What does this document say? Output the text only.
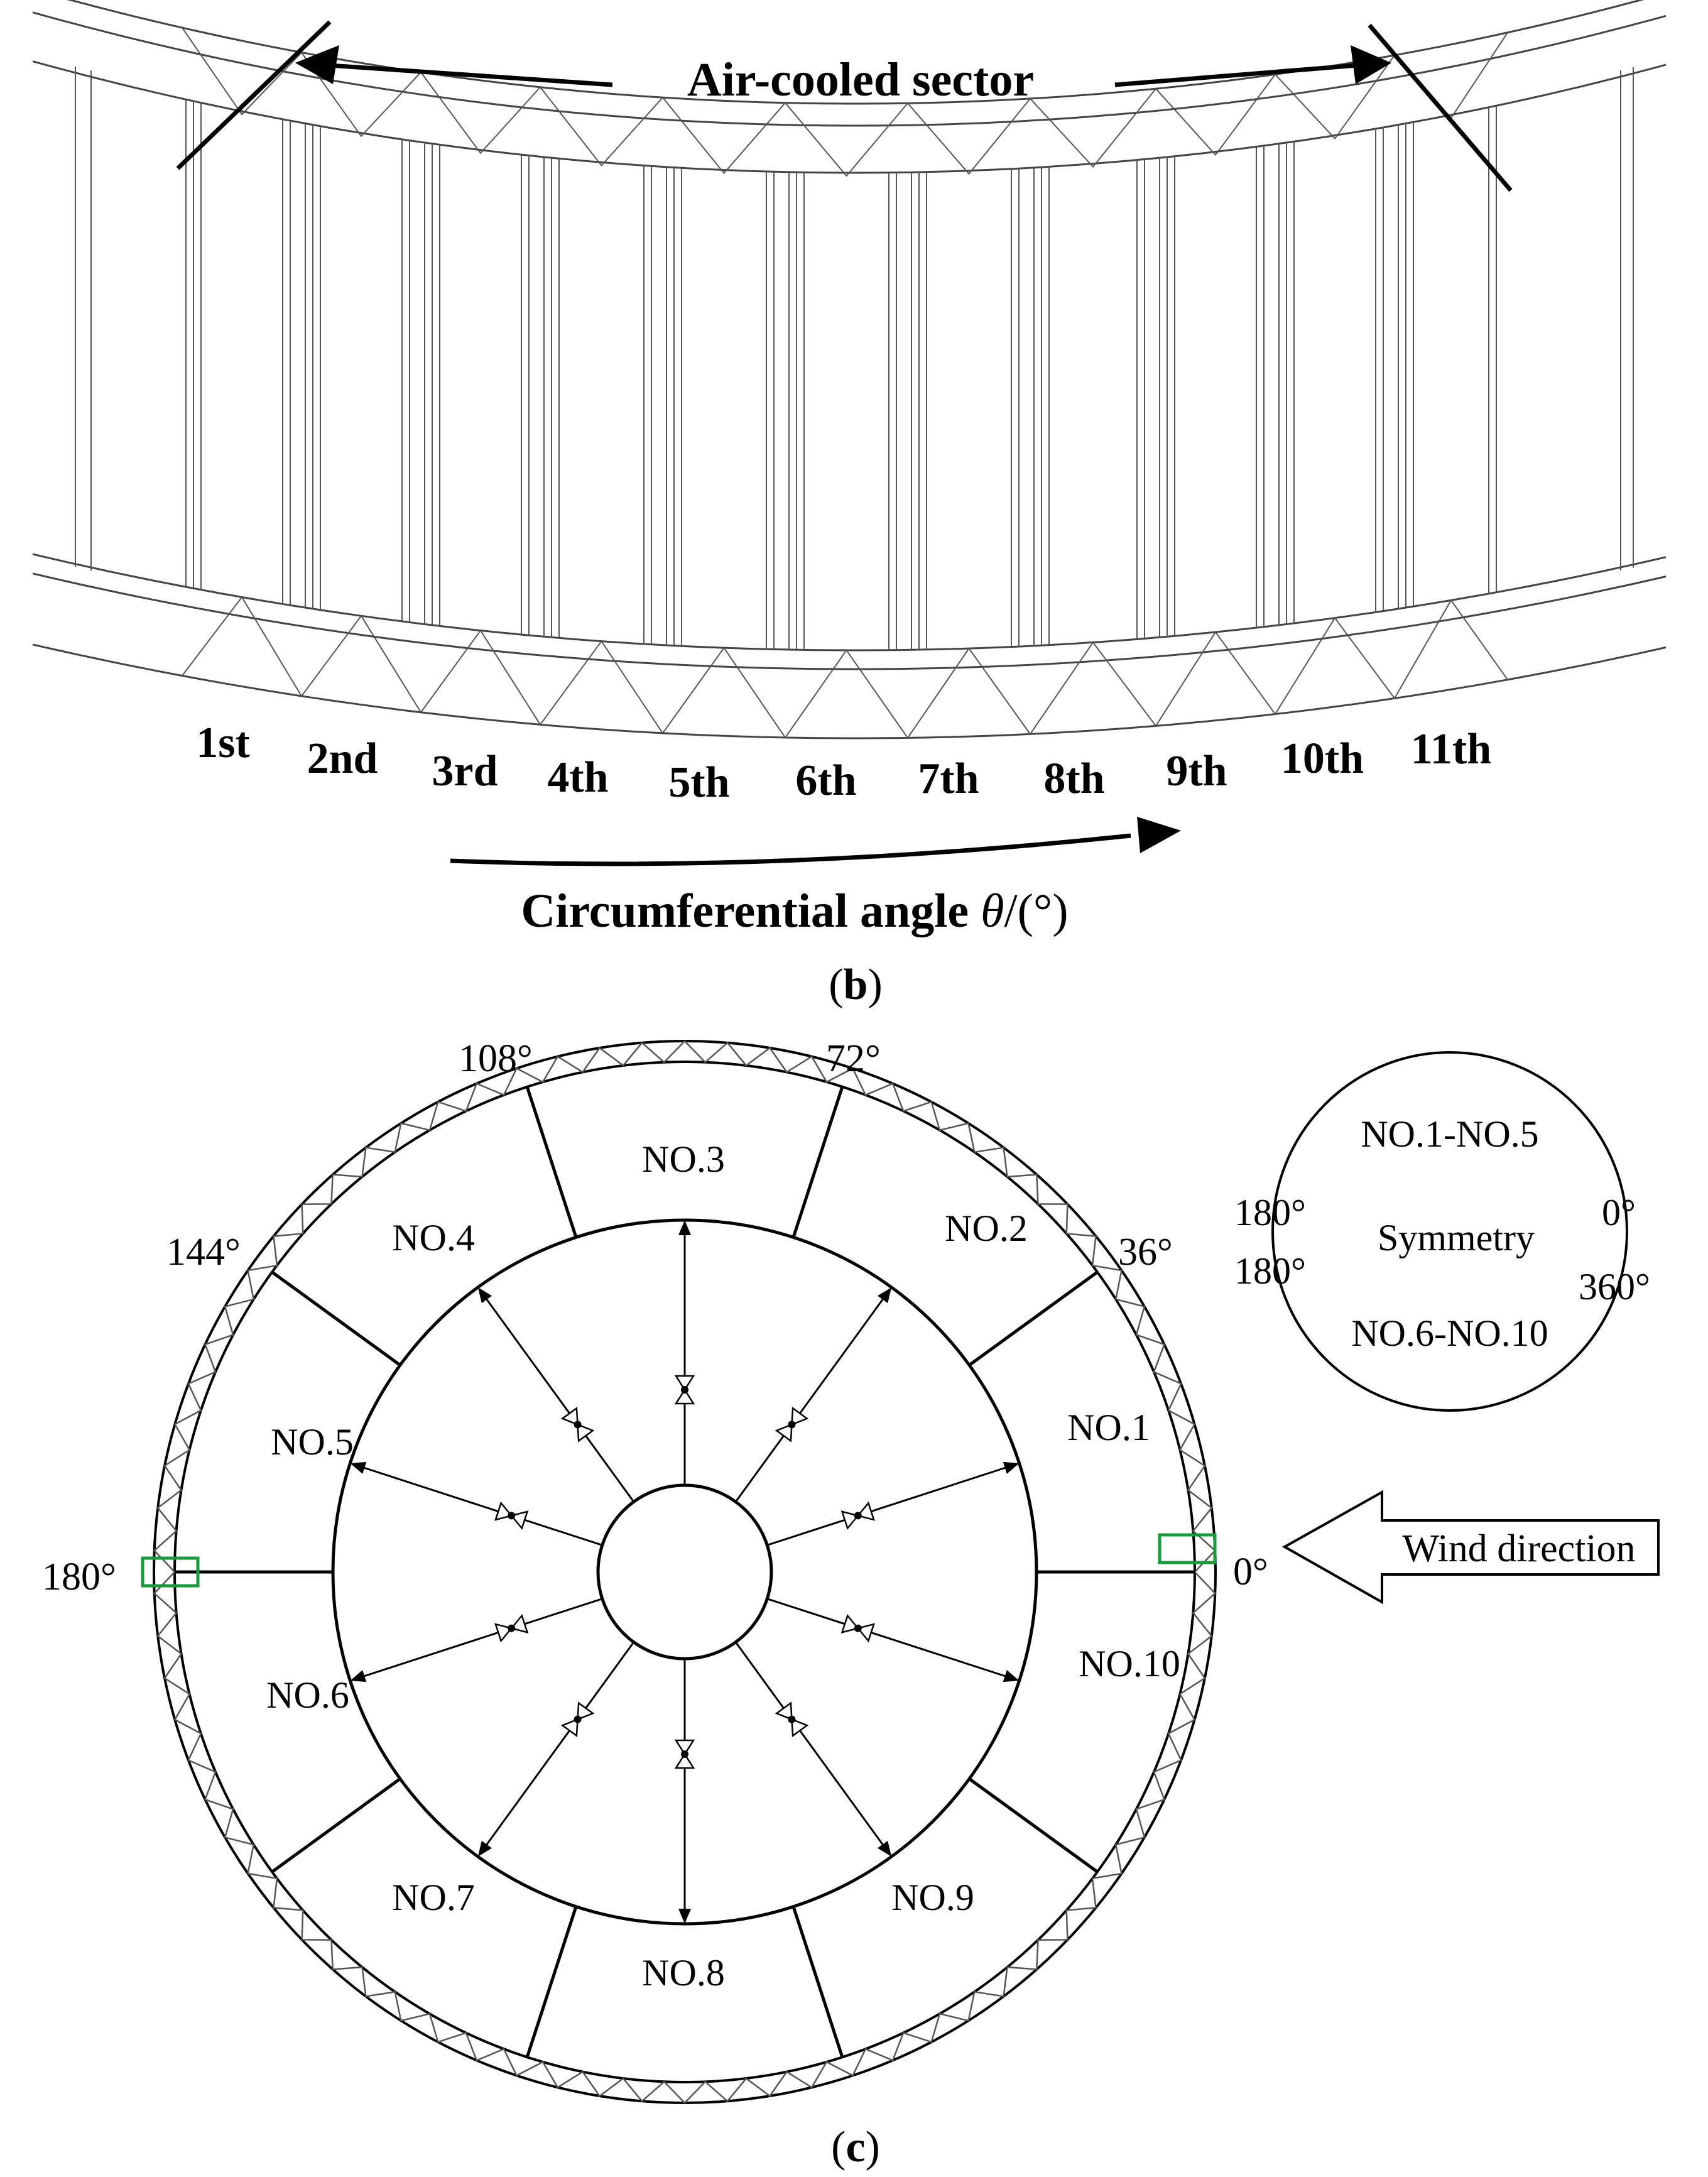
Air-cooled sector
1st 2nd 3rd 4th 5th 6th 7th 8th 9th 10th 11th
Circumferential angle θ/(°)
(b)
NO.1
NO.2
NO.3
NO.4
NO.5
NO.6
NO.7
NO.8
NO.9
NO.10
108°	72°
144°	36°
180°	0°
Wind direction
NO.1-NO.5
180°
180°
Symmetry
0°
360°
NO.6-NO.10
(c)
